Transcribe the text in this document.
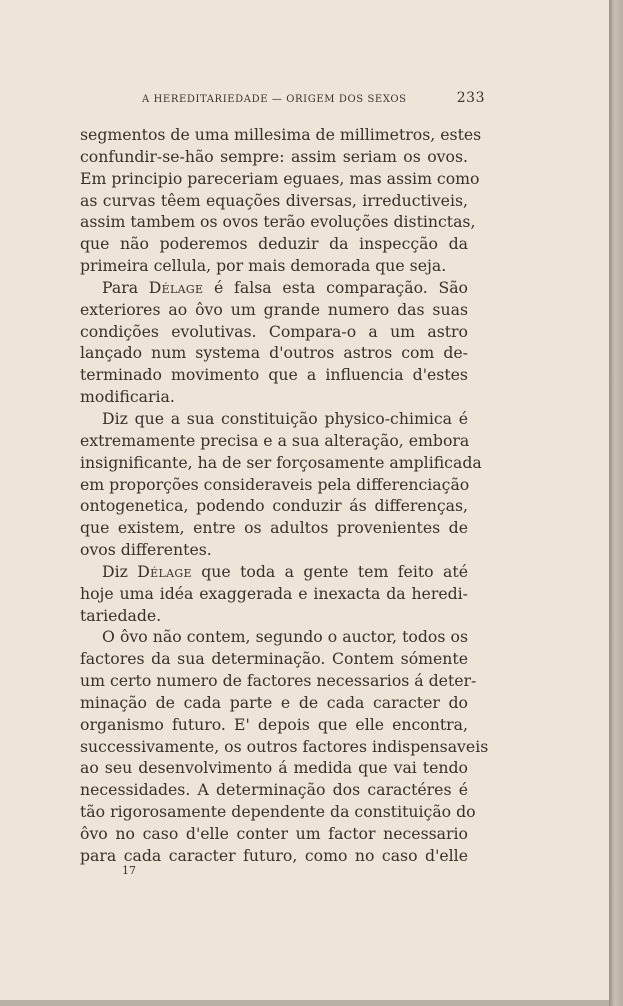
A HEREDITARIEDADE — ORIGEM DOS SEXOS	233
segmentos de uma millesima de millimetros, estes
confundir-se-hão sempre: assim seriam os ovos.
Em principio pareceriam eguaes, mas assim como
as curvas têem equações diversas, irreductiveis,
assim tambem os ovos terão evoluções distinctas,
que não poderemos deduzir da inspecção da
primeira cellula, por mais demorada que seja.
Para Délage é falsa esta comparação. São
exteriores ao ôvo um grande numero das suas
condições evolutivas. Compara-o a um astro
lançado num systema d'outros astros com de-
terminado movimento que a influencia d'estes
modificaria.
Diz que a sua constituição physico-chimica é
extremamente precisa e a sua alteração, embora
insignificante, ha de ser forçosamente amplificada
em proporções consideraveis pela differenciação
ontogenetica, podendo conduzir ás differenças,
que existem, entre os adultos provenientes de
ovos differentes.
Diz Délage que toda a gente tem feito até
hoje uma idéa exaggerada e inexacta da heredi-
tariedade.
O ôvo não contem, segundo o auctor, todos os
factores da sua determinação. Contem sómente
um certo numero de factores necessarios á deter-
minação de cada parte e de cada caracter do
organismo futuro. E' depois que elle encontra,
successivamente, os outros factores indispensaveis
ao seu desenvolvimento á medida que vai tendo
necessidades. A determinação dos caractéres é
tão rigorosamente dependente da constituição do
ôvo no caso d'elle conter um factor necessario
para cada caracter futuro, como no caso d'elle
17
